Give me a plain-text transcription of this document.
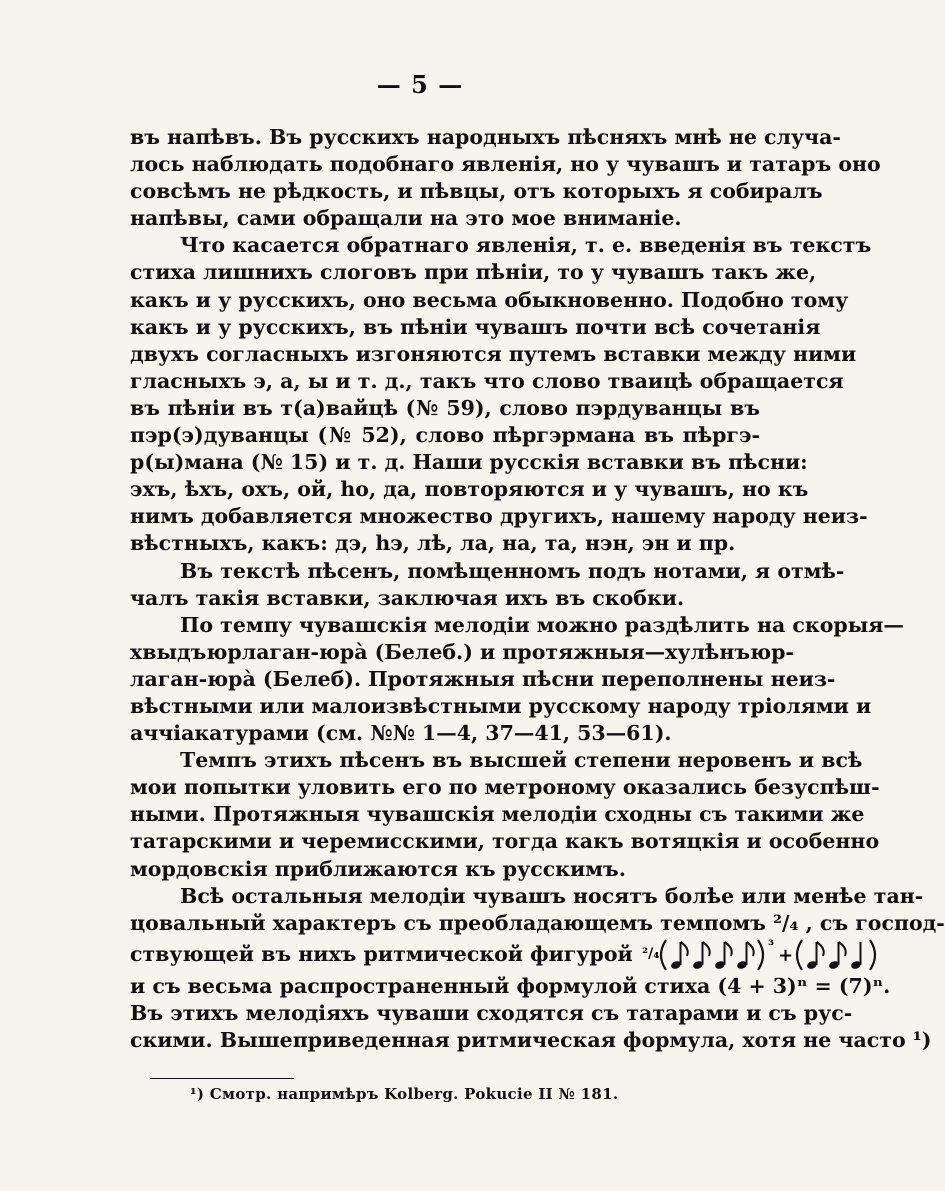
— 5 —
въ напѣвъ. Въ русскихъ народныхъ пѣсняхъ мнѣ не случа-
лось наблюдать подобнаго явленія, но у чувашъ и татаръ оно
совсѣмъ не рѣдкость, и пѣвцы, отъ которыхъ я собиралъ
напѣвы, сами обращали на это мое вниманіе.
Что касается обратнаго явленія, т. е. введенія въ текстъ
стиха лишнихъ слоговъ при пѣніи, то у чувашъ такъ же,
какъ и у русскихъ, оно весьма обыкновенно. Подобно тому
какъ и у русскихъ, въ пѣніи чувашъ почти всѣ сочетанія
двухъ согласныхъ изгоняются путемъ вставки между ними
гласныхъ э, а, ы и т. д., такъ что слово тваицѣ обращается
въ пѣніи въ т(а)вайцѣ (№ 59), слово пэрдуванцы въ
пэр(э)дуванцы (№ 52), слово пѣргэрмана въ пѣргэ-
р(ы)мана (№ 15) и т. д. Наши русскія вставки въ пѣсни:
эхъ, ѣхъ, охъ, ой, hо, да, повторяются и у чувашъ, но къ
нимъ добавляется множество другихъ, нашему народу неиз-
вѣстныхъ, какъ: дэ, hэ, лѣ, ла, на, та, нэн, эн и пр.
Въ текстѣ пѣсенъ, помѣщенномъ подъ нотами, я отмѣ-
чалъ такія вставки, заключая ихъ въ скобки.
По темпу чувашскія мелодіи можно раздѣлить на скорыя—
хвыдъюрлаган-юрà (Белеб.) и протяжныя—хулѣнъюр-
лаган-юрà (Белеб). Протяжныя пѣсни переполнены неиз-
вѣстными или малоизвѣстными русскому народу тріолями и
аччіакатурами (см. №№ 1—4, 37—41, 53—61).
Темпъ этихъ пѣсенъ въ высшей степени неровенъ и всѣ
мои попытки уловить его по метроному оказались безуспѣш-
ными. Протяжныя чувашскія мелодіи сходны съ такими же
татарскими и черемисскими, тогда какъ вотяцкія и особенно
мордовскія приближаются къ русскимъ.
Всѣ остальныя мелодіи чувашъ носятъ болѣе или менѣе тан-
цовальный характеръ съ преобладающемъ темпомъ ²/₄ , съ господ-
ствующей въ нихъ ритмической фигурой ²/₄	³ +
и съ весьма распространенный формулой стиха (4 + 3)ⁿ = (7)ⁿ.
Въ этихъ мелодіяхъ чуваши сходятся съ татарами и съ рус-
скими. Вышеприведенная ритмическая формула, хотя не часто ¹)
¹) Смотр. напримѣръ Kolberg. Pokucie II № 181.
